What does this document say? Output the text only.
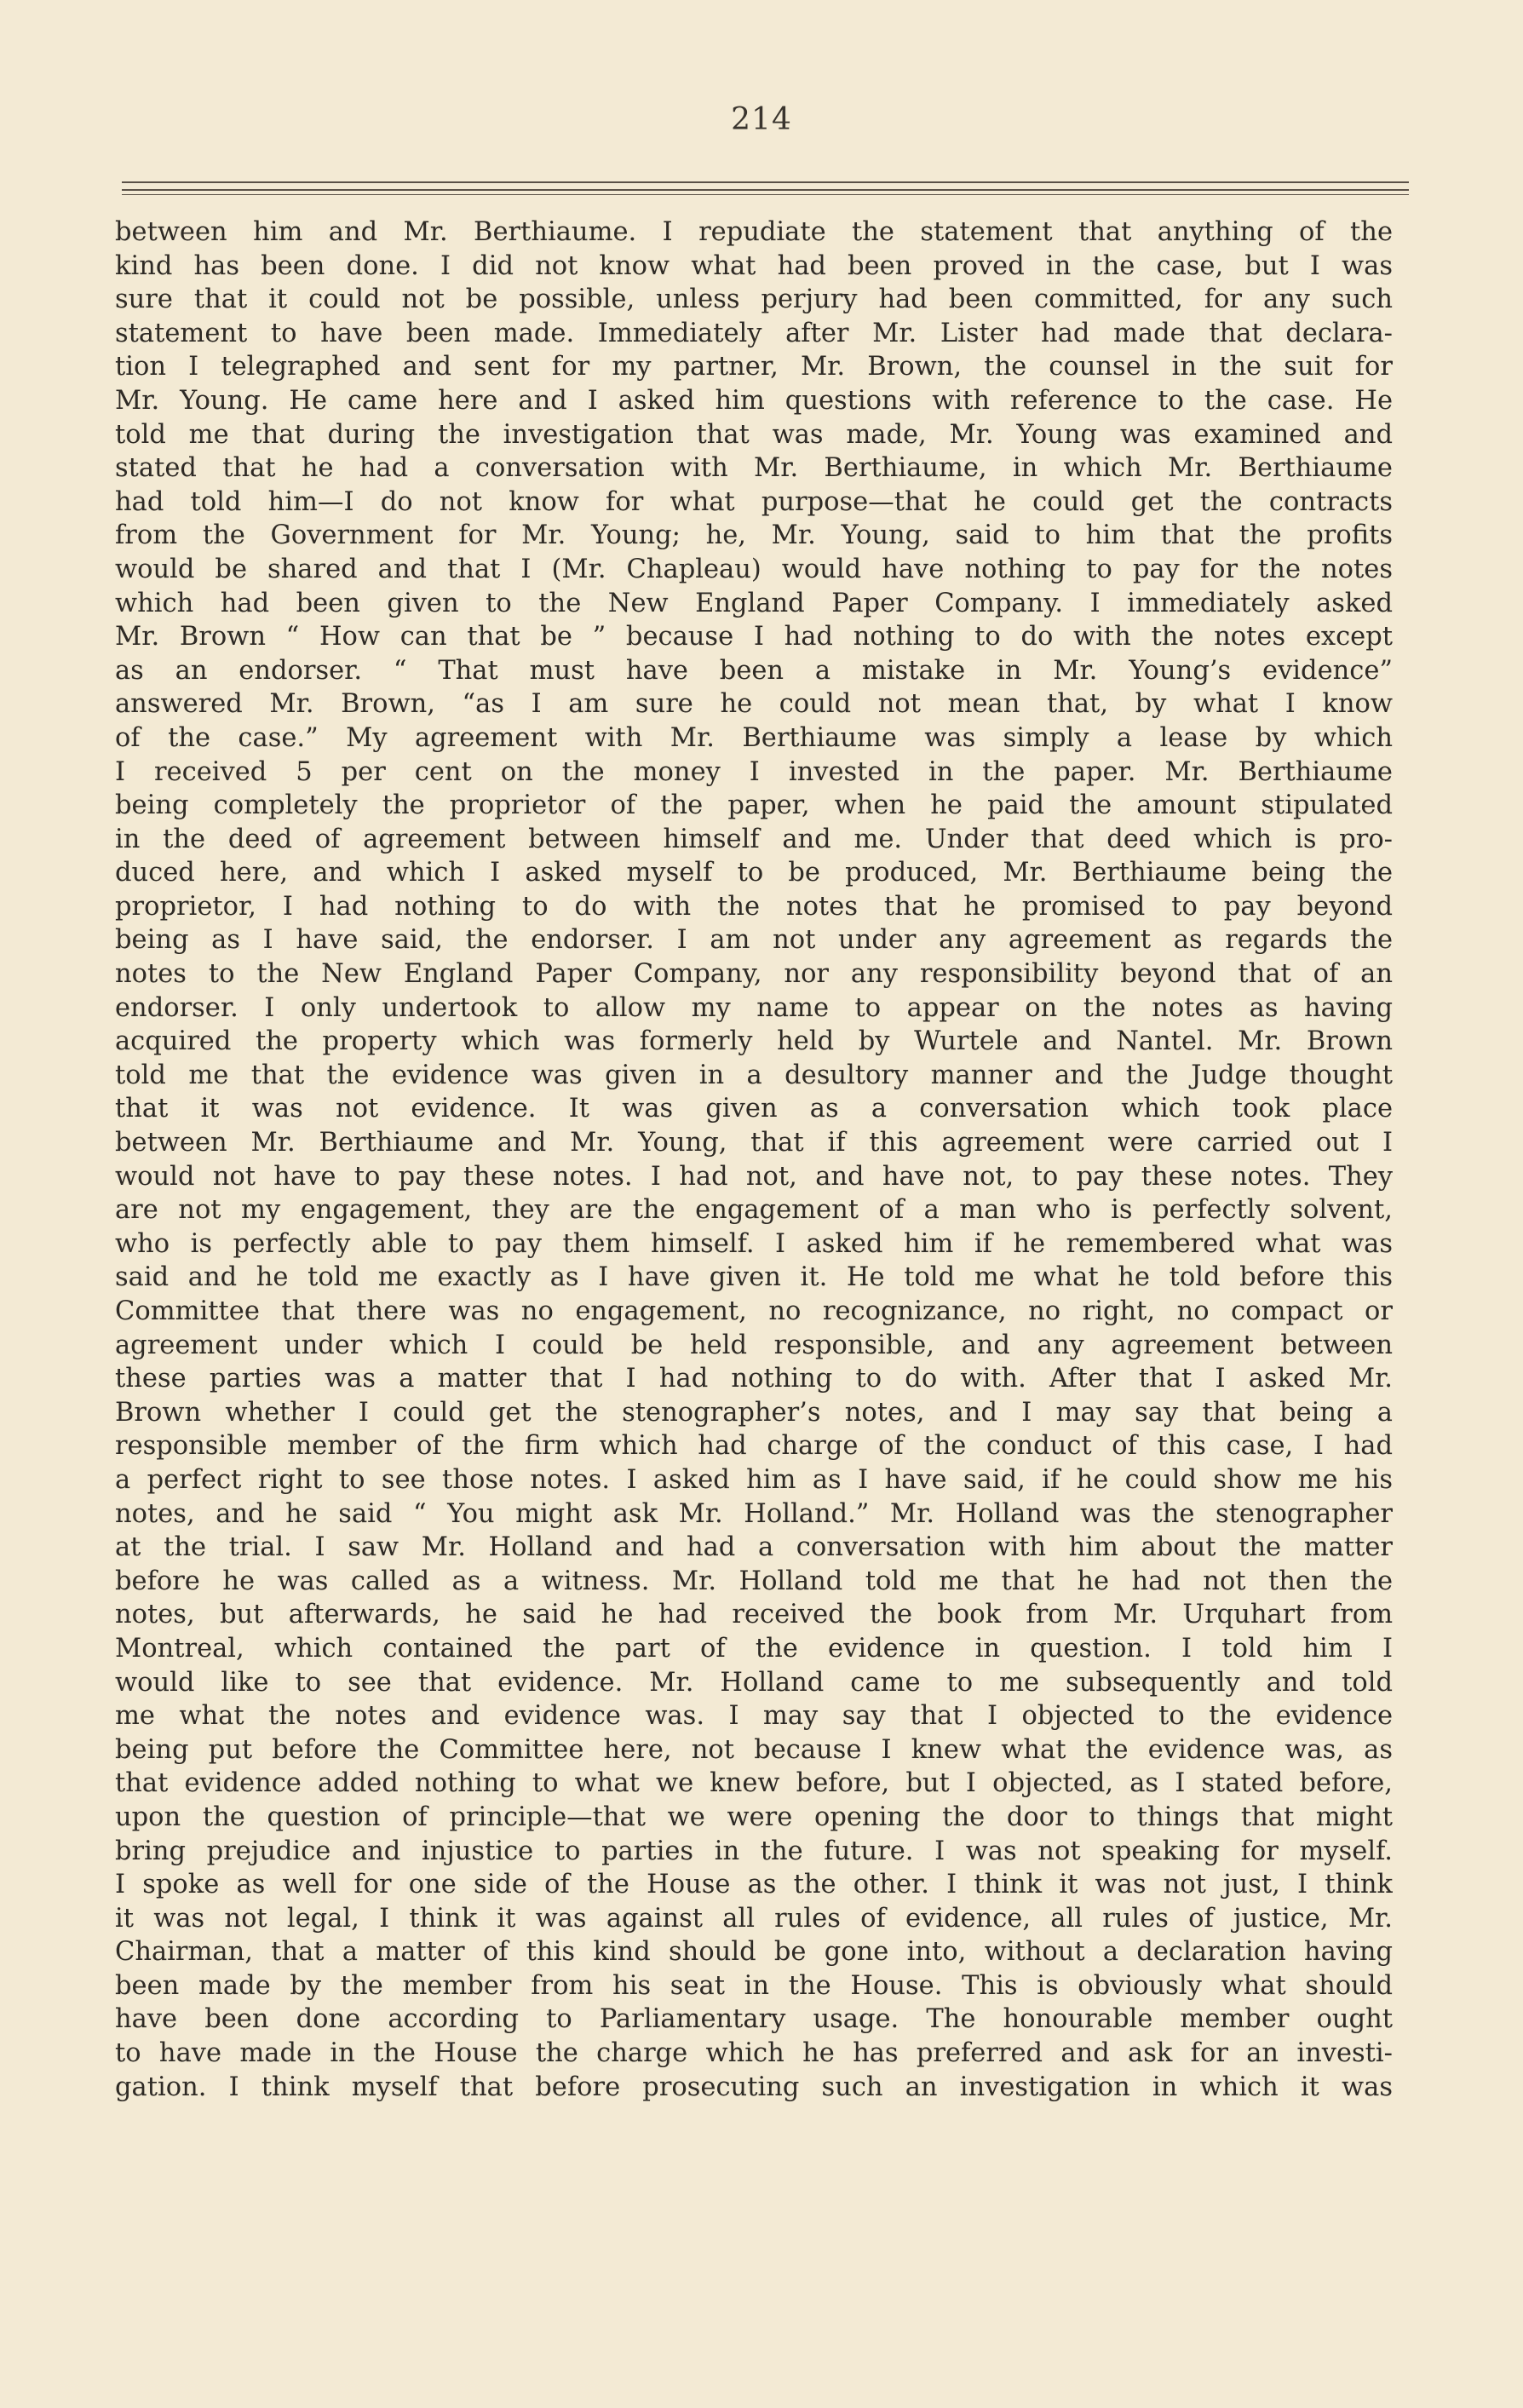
214
between him and Mr. Berthiaume. I repudiate the statement that anything of the
kind has been done. I did not know what had been proved in the case, but I was
sure that it could not be possible, unless perjury had been committed, for any such
statement to have been made. Immediately after Mr. Lister had made that declara-
tion I telegraphed and sent for my partner, Mr. Brown, the counsel in the suit for
Mr. Young. He came here and I asked him questions with reference to the case. He
told me that during the investigation that was made, Mr. Young was examined and
stated that he had a conversation with Mr. Berthiaume, in which Mr. Berthiaume
had told him—I do not know for what purpose—that he could get the contracts
from the Government for Mr. Young; he, Mr. Young, said to him that the profits
would be shared and that I (Mr. Chapleau) would have nothing to pay for the notes
which had been given to the New England Paper Company. I immediately asked
Mr. Brown “ How can that be ” because I had nothing to do with the notes except
as an endorser. “ That must have been a mistake in Mr. Young’s evidence”
answered Mr. Brown, “as I am sure he could not mean that, by what I know
of the case.” My agreement with Mr. Berthiaume was simply a lease by which
I received 5 per cent on the money I invested in the paper. Mr. Berthiaume
being completely the proprietor of the paper, when he paid the amount stipulated
in the deed of agreement between himself and me. Under that deed which is pro-
duced here, and which I asked myself to be produced, Mr. Berthiaume being the
proprietor, I had nothing to do with the notes that he promised to pay beyond
being as I have said, the endorser. I am not under any agreement as regards the
notes to the New England Paper Company, nor any responsibility beyond that of an
endorser. I only undertook to allow my name to appear on the notes as having
acquired the property which was formerly held by Wurtele and Nantel. Mr. Brown
told me that the evidence was given in a desultory manner and the Judge thought
that it was not evidence. It was given as a conversation which took place
between Mr. Berthiaume and Mr. Young, that if this agreement were carried out I
would not have to pay these notes. I had not, and have not, to pay these notes. They
are not my engagement, they are the engagement of a man who is perfectly solvent,
who is perfectly able to pay them himself. I asked him if he remembered what was
said and he told me exactly as I have given it. He told me what he told before this
Committee that there was no engagement, no recognizance, no right, no compact or
agreement under which I could be held responsible, and any agreement between
these parties was a matter that I had nothing to do with. After that I asked Mr.
Brown whether I could get the stenographer’s notes, and I may say that being a
responsible member of the firm which had charge of the conduct of this case, I had
a perfect right to see those notes. I asked him as I have said, if he could show me his
notes, and he said “ You might ask Mr. Holland.” Mr. Holland was the stenographer
at the trial. I saw Mr. Holland and had a conversation with him about the matter
before he was called as a witness. Mr. Holland told me that he had not then the
notes, but afterwards, he said he had received the book from Mr. Urquhart from
Montreal, which contained the part of the evidence in question. I told him I
would like to see that evidence. Mr. Holland came to me subsequently and told
me what the notes and evidence was. I may say that I objected to the evidence
being put before the Committee here, not because I knew what the evidence was, as
that evidence added nothing to what we knew before, but I objected, as I stated before,
upon the question of principle—that we were opening the door to things that might
bring prejudice and injustice to parties in the future. I was not speaking for myself.
I spoke as well for one side of the House as the other. I think it was not just, I think
it was not legal, I think it was against all rules of evidence, all rules of justice, Mr.
Chairman, that a matter of this kind should be gone into, without a declaration having
been made by the member from his seat in the House. This is obviously what should
have been done according to Parliamentary usage. The honourable member ought
to have made in the House the charge which he has preferred and ask for an investi-
gation. I think myself that before prosecuting such an investigation in which it was
